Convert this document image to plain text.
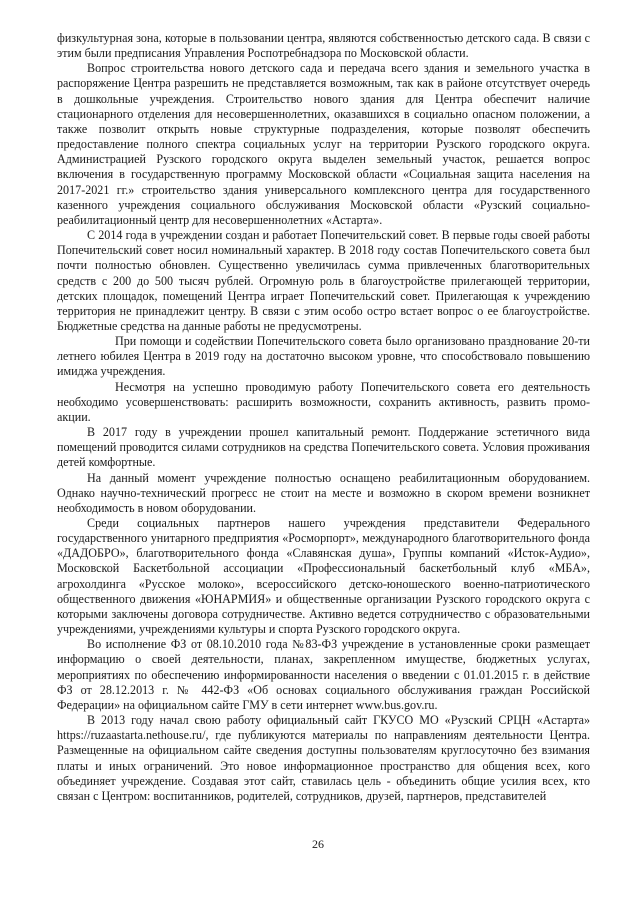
физкультурная зона, которые в пользовании центра, являются собственностью детского сада. В связи с этим были предписания Управления Роспотребнадзора по Московской области.

Вопрос строительства нового детского сада и передача всего здания и земельного участка в распоряжение Центра разрешить не представляется возможным, так как в районе отсутствует очередь в дошкольные учреждения. Строительство нового здания для Центра обеспечит наличие стационарного отделения для несовершеннолетних, оказавшихся в социально опасном положении, а также позволит открыть новые структурные подразделения, которые позволят обеспечить предоставление полного спектра социальных услуг на территории Рузского городского округа. Администрацией Рузского городского округа выделен земельный участок, решается вопрос включения в государственную программу Московской области «Социальная защита населения на 2017-2021 гг.» строительство здания универсального комплексного центра для государственного казенного учреждения социального обслуживания Московской области «Рузский социально-реабилитационный центр для несовершеннолетних «Астарта».

С 2014 года в учреждении создан и работает Попечительский совет. В первые годы своей работы Попечительский совет носил номинальный характер. В 2018 году состав Попечительского совета был почти полностью обновлен. Существенно увеличилась сумма привлеченных благотворительных средств с 200 до 500 тысяч рублей. Огромную роль в благоустройстве прилегающей территории, детских площадок, помещений Центра играет Попечительский совет. Прилегающая к учреждению территория не принадлежит центру. В связи с этим особо остро встает вопрос о ее благоустройстве. Бюджетные средства на данные работы не предусмотрены.

При помощи и содействии Попечительского совета было организовано празднование 20-ти летнего юбилея Центра в 2019 году на достаточно высоком уровне, что способствовало повышению имиджа учреждения.

Несмотря на успешно проводимую работу Попечительского совета его деятельность необходимо усовершенствовать: расширить возможности, сохранить активность, развить промо-акции.

В 2017 году в учреждении прошел капитальный ремонт. Поддержание эстетичного вида помещений проводится силами сотрудников на средства Попечительского совета. Условия проживания детей комфортные.

На данный момент учреждение полностью оснащено реабилитационным оборудованием. Однако научно-технический прогресс не стоит на месте и возможно в скором времени возникнет необходимость в новом оборудовании.

Среди социальных партнеров нашего учреждения представители Федерального государственного унитарного предприятия «Росморпорт», международного благотворительного фонда «ДАДОБРО», благотворительного фонда «Славянская душа», Группы компаний «Исток-Аудио», Московской Баскетбольной ассоциации «Профессиональный баскетбольный клуб «МБА», агрохолдинга «Русское молоко», всероссийского детско-юношеского военно-патриотического общественного движения «ЮНАРМИЯ» и общественные организации Рузского городского округа с которыми заключены договора сотрудничестве. Активно ведется сотрудничество с образовательными учреждениями, учреждениями культуры и спорта Рузского городского округа.

Во исполнение ФЗ от 08.10.2010 года №83-ФЗ учреждение в установленные сроки размещает информацию о своей деятельности, планах, закрепленном имуществе, бюджетных услугах, мероприятиях по обеспечению информированности населения о введении с 01.01.2015 г. в действие ФЗ от 28.12.2013 г. № 442-ФЗ «Об основах социального обслуживания граждан Российской Федерации» на официальном сайте ГМУ в сети интернет www.bus.gov.ru.

В 2013 году начал свою работу официальный сайт ГКУСО МО «Рузский СРЦН «Астарта» https://ruzaastarta.nethouse.ru/, где публикуются материалы по направлениям деятельности Центра. Размещенные на официальном сайте сведения доступны пользователям круглосуточно без взимания платы и иных ограничений. Это новое информационное пространство для общения всех, кого объединяет учреждение. Создавая этот сайт, ставилась цель - объединить общие усилия всех, кто связан с Центром: воспитанников, родителей, сотрудников, друзей, партнеров, представителей

26
